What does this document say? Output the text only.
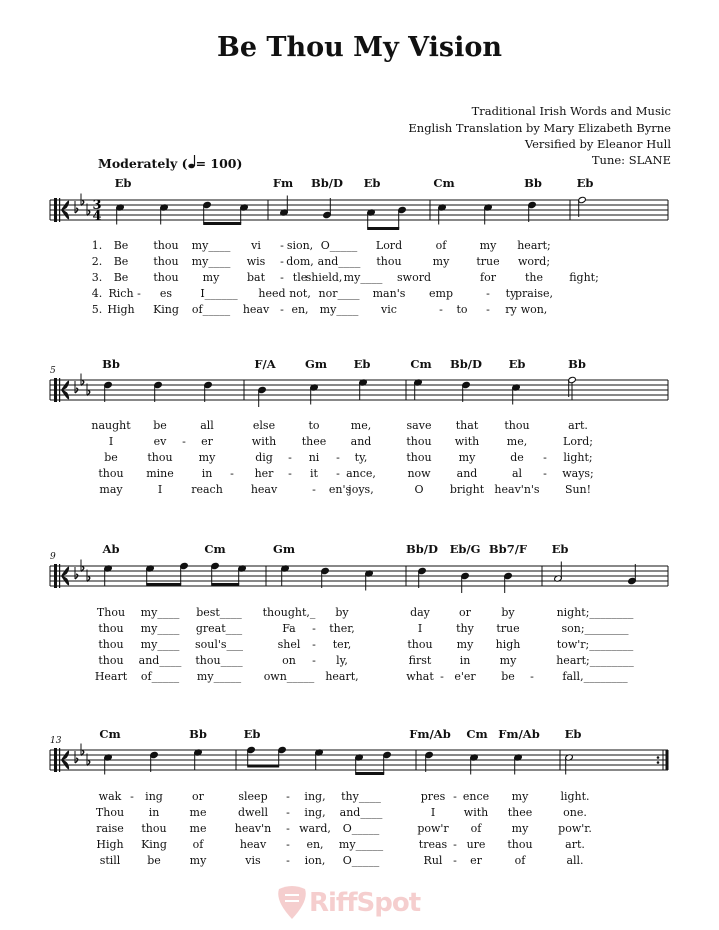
Be Thou My Vision
Traditional Irish Words and Music
English Translation by Mary Elizabeth Byrne
Versified by Eleanor Hull
Tune: SLANE
Moderately ( = 100)
3
4
Eb	Fm Bb/D Eb	Cm	Bb	Eb
1. Be thou my____ vi - sion, O_____ Lord	of	my heart;
2. Be thou my____ wis - dom, and____ thou	my true word;
3. Be thou my	bat - tle
shield, my____ sword	for	the fight;
4. Rich - es	I______ heed not, nor____ man's emp	- ty
praise,
5. High King of_____ heav - en, my____ vic	- to - ry won,
5	Bb	F/A	Gm Eb	Cm Bb/D Eb	Bb
naught be	all	else	to	me,	save that thou	art.
I	ev - er	with thee and	thou with	me,	Lord;
be	thou my	dig - ni - ty,	thou my	de - light;
thou mine	in - her - it - ance,	now and	al - ways;
may	I	reach	heav	- en's
joys,	O bright heav'n's Sun!
9
Ab	Cm	Gm	Bb/D Eb/G Bb7/F Eb
Thou my____ best____ thought,_ by	day	or	by	night;________
thou my____ great___	Fa - ther,	I	thy true	son;________
thou my____ soul's___	shel - ter,	thou my high	tow'r;________
thou and____ thou____	on - ly,	first	in	my	heart;________
Heart of_____ my_____ own_____ heart,	what - e'er be -	fall,________
13	Cm	Bb	Eb	Fm/Ab Cm Fm/Ab Eb
wak - ing	or	sleep - ing, thy____	pres - ence my	light.
Thou in	me	dwell - ing, and____	I	with thee	one.
raise thou me	heav'n - ward, O_____	pow'r of	my	pow'r.
High King of	heav - en, my_____	treas - ure thou	art.
still be	my	vis - ion, O_____	Rul - er	of	all.
RiffSpot
